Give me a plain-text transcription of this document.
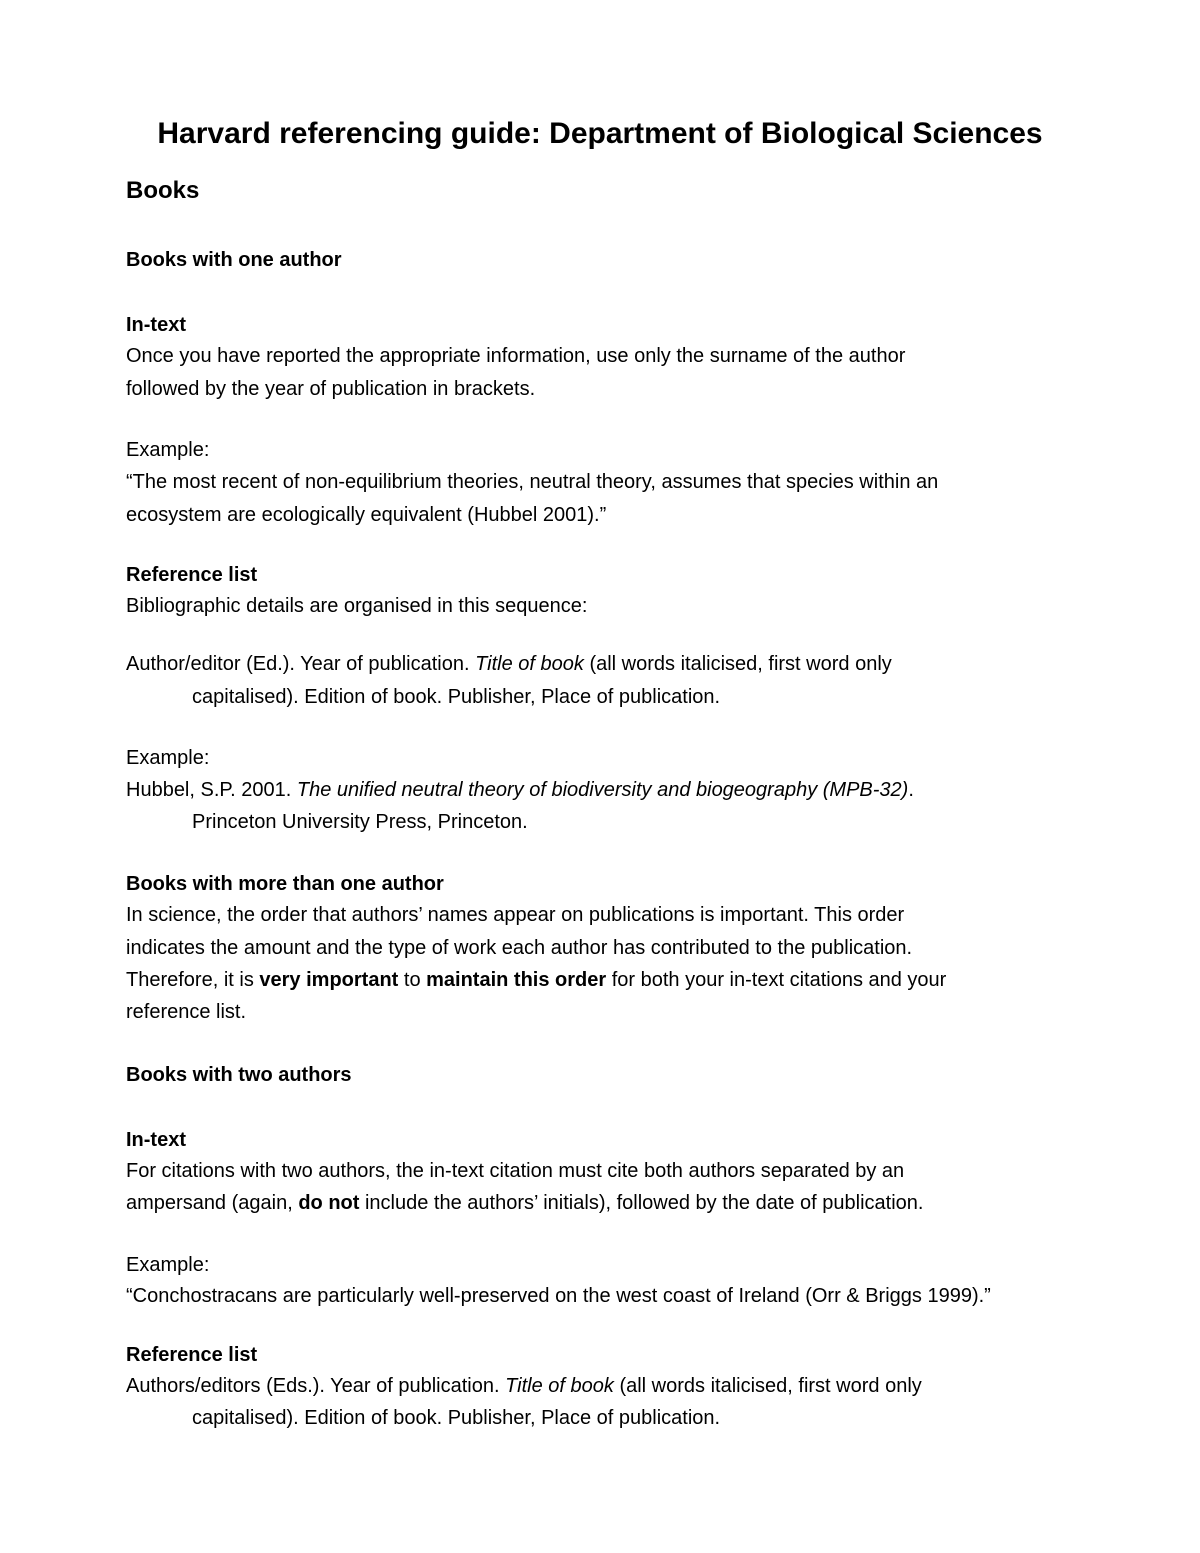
Harvard referencing guide: Department of Biological Sciences
Books
Books with one author
In-text
Once you have reported the appropriate information, use only the surname of the author
followed by the year of publication in brackets.
Example:
“The most recent of non-equilibrium theories, neutral theory, assumes that species within an
ecosystem are ecologically equivalent (Hubbel 2001).”
Reference list
Bibliographic details are organised in this sequence:
Author/editor (Ed.). Year of publication. Title of book (all words italicised, first word only
capitalised). Edition of book. Publisher, Place of publication.
Example:
Hubbel, S.P. 2001. The unified neutral theory of biodiversity and biogeography (MPB-32).
Princeton University Press, Princeton.
Books with more than one author
In science, the order that authors’ names appear on publications is important. This order
indicates the amount and the type of work each author has contributed to the publication.
Therefore, it is very important to maintain this order for both your in-text citations and your
reference list.
Books with two authors
In-text
For citations with two authors, the in-text citation must cite both authors separated by an
ampersand (again, do not include the authors’ initials), followed by the date of publication.
Example:
“Conchostracans are particularly well-preserved on the west coast of Ireland (Orr & Briggs 1999).”
Reference list
Authors/editors (Eds.). Year of publication. Title of book (all words italicised, first word only
capitalised). Edition of book. Publisher, Place of publication.
